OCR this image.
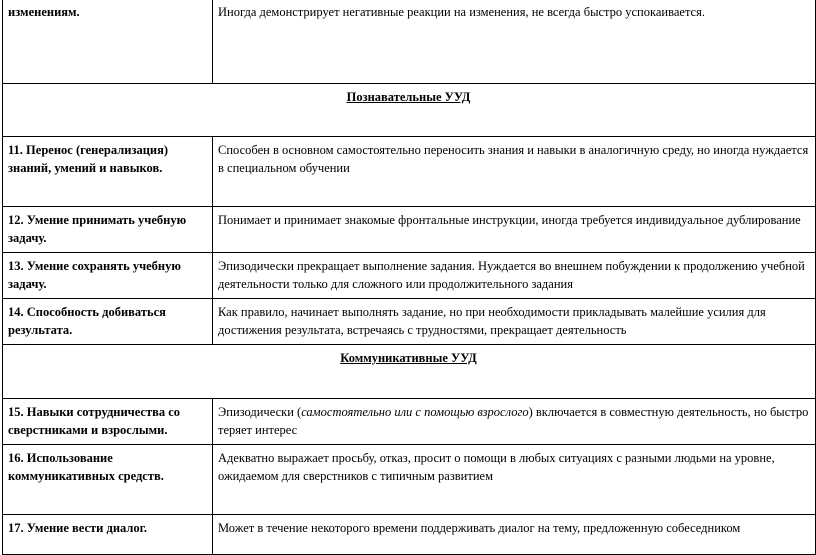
изменениям.	Иногда демонстрирует негативные реакции на изменения, не всегда быстро успокаивается.
Познавательные УУД	
11. Перенос (генерализация) знаний, умений и навыков.	Способен в основном самостоятельно переносить знания и навыки в аналогичную среду, но иногда нуждается в специальном обучении
12. Умение принимать учебную задачу.	Понимает и принимает знакомые фронтальные инструкции, иногда требуется индивидуальное дублирование
13. Умение сохранять учебную задачу.	Эпизодически прекращает выполнение задания. Нуждается во внешнем побуждении к продолжению учебной деятельности только для сложного или продолжительного задания
14. Способность добиваться результата.	Как правило, начинает выполнять задание, но при необходимости прикладывать малейшие усилия для достижения результата, встречаясь с трудностями, прекращает деятельность
Коммуникативные УУД	
15. Навыки сотрудничества со сверстниками и взрослыми.	Эпизодически (самостоятельно или с помощью взрослого) включается в совместную деятельность, но быстро теряет интерес
16. Использование коммуникативных средств.	Адекватно выражает просьбу, отказ, просит о помощи в любых ситуациях с разными людьми на уровне, ожидаемом для сверстников с типичным развитием
17. Умение вести диалог.	Может в течение некоторого времени поддерживать диалог на тему, предложенную собеседником
